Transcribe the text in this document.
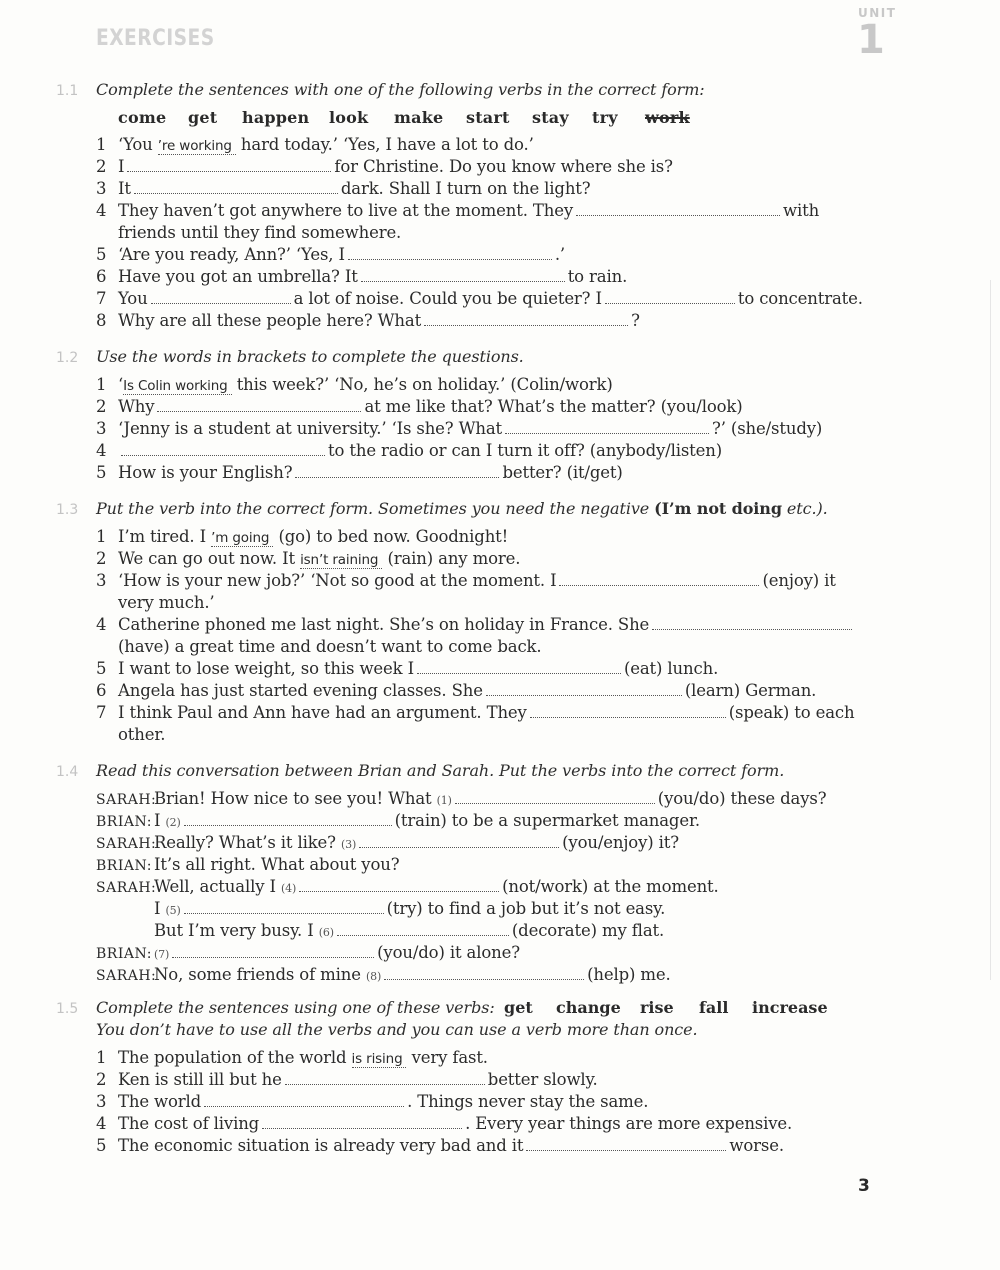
EXERCISES
UNIT
1
1.1 Complete the sentences with one of the following verbs in the correct form:
come get happen look make start stay try work
1 ‘You ’re working hard today.’ ‘Yes, I have a lot to do.’
2 I	for Christine. Do you know where she is?
3 It	dark. Shall I turn on the light?
4 They haven’t got anywhere to live at the moment. They	with
friends until they find somewhere.
5 ‘Are you ready, Ann?’ ‘Yes, I	.’
6 Have you got an umbrella? It	to rain.
7 You	a lot of noise. Could you be quieter? I	to concentrate.
8 Why are all these people here? What	?
1.2 Use the words in brackets to complete the questions.
1 ‘Is Colin working this week?’ ‘No, he’s on holiday.’ (Colin/work)
2 Why	at me like that? What’s the matter? (you/look)
3 ‘Jenny is a student at university.’ ‘Is she? What	?’ (she/study)
4	to the radio or can I turn it off? (anybody/listen)
5 How is your English?	better? (it/get)
1.3 Put the verb into the correct form. Sometimes you need the negative (I’m not doing etc.).
1 I’m tired. I ’m going (go) to bed now. Goodnight!
2 We can go out now. It isn’t raining (rain) any more.
3 ‘How is your new job?’ ‘Not so good at the moment. I	(enjoy) it
very much.’
4 Catherine phoned me last night. She’s on holiday in France. She
(have) a great time and doesn’t want to come back.
5 I want to lose weight, so this week I	(eat) lunch.
6 Angela has just started evening classes. She	(learn) German.
7 I think Paul and Ann have had an argument. They	(speak) to each
other.
1.4 Read this conversation between Brian and Sarah. Put the verbs into the correct form.
SARAH:Brian! How nice to see you! What (1)	(you/do) these days?
BRIAN: I (2)	(train) to be a supermarket manager.
SARAH:Really? What’s it like? (3)	(you/enjoy) it?
BRIAN: It’s all right. What about you?
SARAH:Well, actually I (4)	(not/work) at the moment.
I (5)	(try) to find a job but it’s not easy.
But I’m very busy. I (6)	(decorate) my flat.
BRIAN: (7)	(you/do) it alone?
SARAH:No, some friends of mine (8)	(help) me.
1.5 Complete the sentences using one of these verbs: get change rise fall increase
You don’t have to use all the verbs and you can use a verb more than once.
1 The population of the world is rising very fast.
2 Ken is still ill but he	better slowly.
3 The world	. Things never stay the same.
4 The cost of living	. Every year things are more expensive.
5 The economic situation is already very bad and it	worse.
3
